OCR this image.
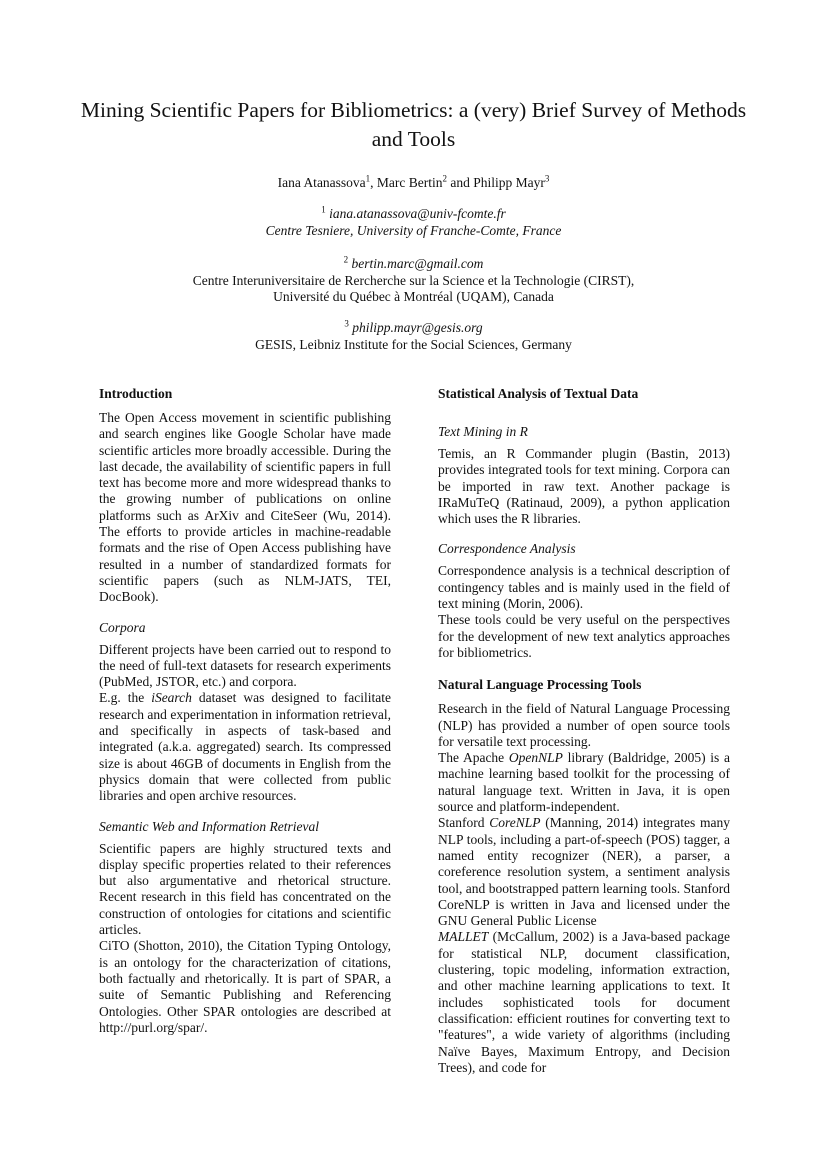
Mining Scientific Papers for Bibliometrics: a (very) Brief Survey of Methods and Tools
Iana Atanassova$^1$, Marc Bertin$^2$ and Philipp Mayr$^3$
$^1$ iana.atanassova@univ-fcomte.fr
Centre Tesniere, University of Franche-Comte, France
$^2$ bertin.marc@gmail.com
Centre Interuniversitaire de Rercherche sur la Science et la Technologie (CIRST),
Université du Québec à Montréal (UQAM), Canada
$^3$ philipp.mayr@gesis.org
GESIS, Leibniz Institute for the Social Sciences, Germany
Introduction

The Open Access movement in scientific publishing and search engines like Google Scholar have made scientific articles more broadly accessible. During the last decade, the availability of scientific papers in full text has become more and more widespread thanks to the growing number of publications on online platforms such as ArXiv and CiteSeer (Wu, 2014). The efforts to provide articles in machine-readable formats and the rise of Open Access publishing have resulted in a number of standardized formats for scientific papers (such as NLM-JATS, TEI, DocBook).

Corpora

Different projects have been carried out to respond to the need of full-text datasets for research experiments (PubMed, JSTOR, etc.) and corpora.

E.g. the iSearch dataset was designed to facilitate research and experimentation in information retrieval, and specifically in aspects of task-based and integrated (a.k.a. aggregated) search. Its compressed size is about 46GB of documents in English from the physics domain that were collected from public libraries and open archive resources.

Semantic Web and Information Retrieval

Scientific papers are highly structured texts and display specific properties related to their references but also argumentative and rhetorical structure. Recent research in this field has concentrated on the construction of ontologies for citations and scientific articles.

CiTO (Shotton, 2010), the Citation Typing Ontology, is an ontology for the characterization of citations, both factually and rhetorically. It is part of SPAR, a suite of Semantic Publishing and Referencing Ontologies. Other SPAR ontologies are described at http://purl.org/spar/.

Statistical Analysis of Textual Data
Text Mining in R

Temis, an R Commander plugin (Bastin, 2013) provides integrated tools for text mining. Corpora can be imported in raw text. Another package is IRaMuTeQ (Ratinaud, 2009), a python application which uses the R libraries.

Correspondence Analysis

Correspondence analysis is a technical description of contingency tables and is mainly used in the field of text mining (Morin, 2006).

These tools could be very useful on the perspectives for the development of new text analytics approaches for bibliometrics.

Natural Language Processing Tools

Research in the field of Natural Language Processing (NLP) has provided a number of open source tools for versatile text processing.

The Apache OpenNLP library (Baldridge, 2005) is a machine learning based toolkit for the processing of natural language text. Written in Java, it is open source and platform-independent.

Stanford CoreNLP (Manning, 2014) integrates many NLP tools, including a part-of-speech (POS) tagger, a named entity recognizer (NER), a parser, a coreference resolution system, a sentiment analysis tool, and bootstrapped pattern learning tools. Stanford CoreNLP is written in Java and licensed under the GNU General Public License

MALLET (McCallum, 2002) is a Java-based package for statistical NLP, document classification, clustering, topic modeling, information extraction, and other machine learning applications to text. It includes sophisticated tools for document classification: efficient routines for converting text to "features", a wide variety of algorithms (including Naïve Bayes, Maximum Entropy, and Decision Trees), and code for
